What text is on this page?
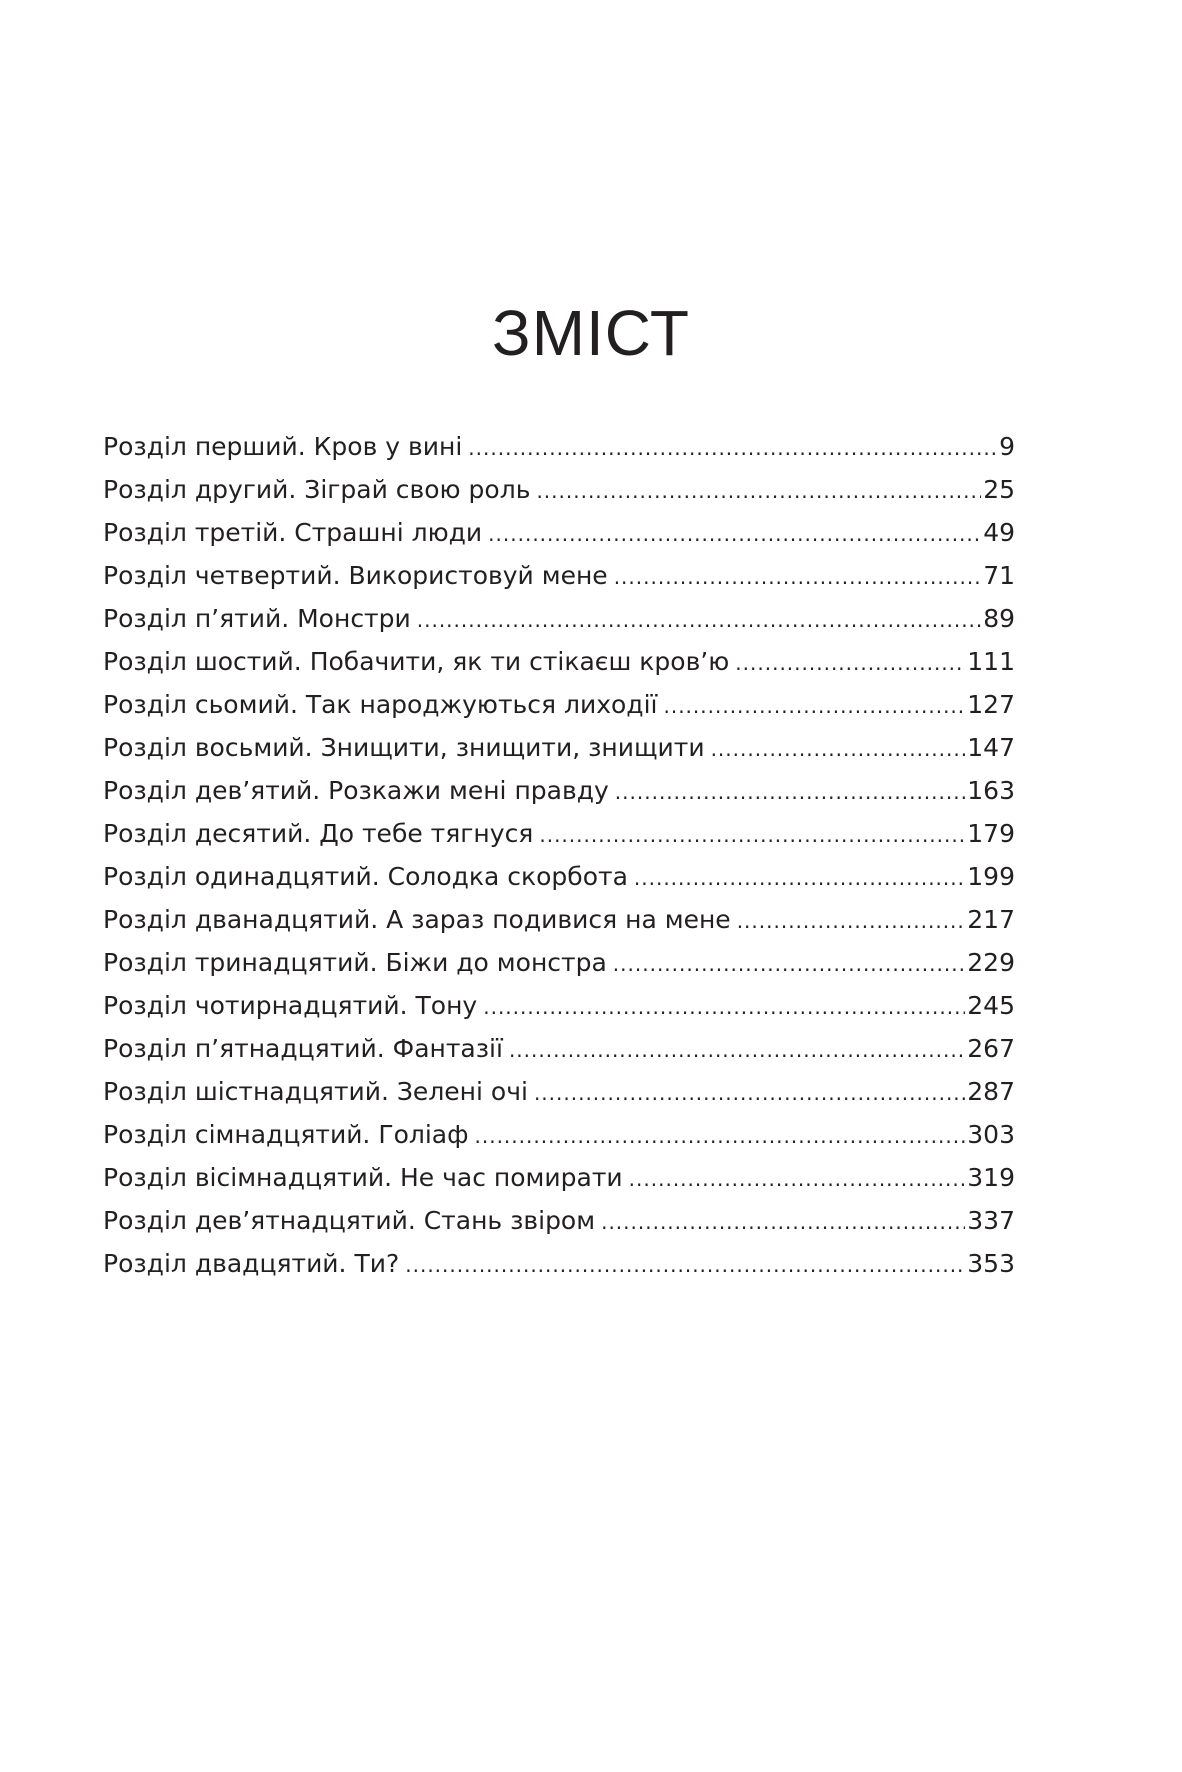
ЗМІСТ
Розділ перший. Кров у вині .....	9
Розділ другий. Зіграй свою роль .....	25
Розділ третій. Страшні люди .....	49
Розділ четвертий. Використовуй мене .....	71
Розділ п’ятий. Монстри .....	89
Розділ шостий. Побачити, як ти стікаєш кров’ю .....	111
Розділ сьомий. Так народжуються лиходії .....	127
Розділ восьмий. Знищити, знищити, знищити .....	147
Розділ дев’ятий. Розкажи мені правду .....	163
Розділ десятий. До тебе тягнуся .....	179
Розділ одинадцятий. Солодка скорбота .....	199
Розділ дванадцятий. А зараз подивися на мене .....	217
Розділ тринадцятий. Біжи до монстра .....	229
Розділ чотирнадцятий. Тону .....	245
Розділ п’ятнадцятий. Фантазії .....	267
Розділ шістнадцятий. Зелені очі .....	287
Розділ сімнадцятий. Голіаф .....	303
Розділ вісімнадцятий. Не час помирати .....	319
Розділ дев’ятнадцятий. Стань звіром .....	337
Розділ двадцятий. Ти? .....	353
